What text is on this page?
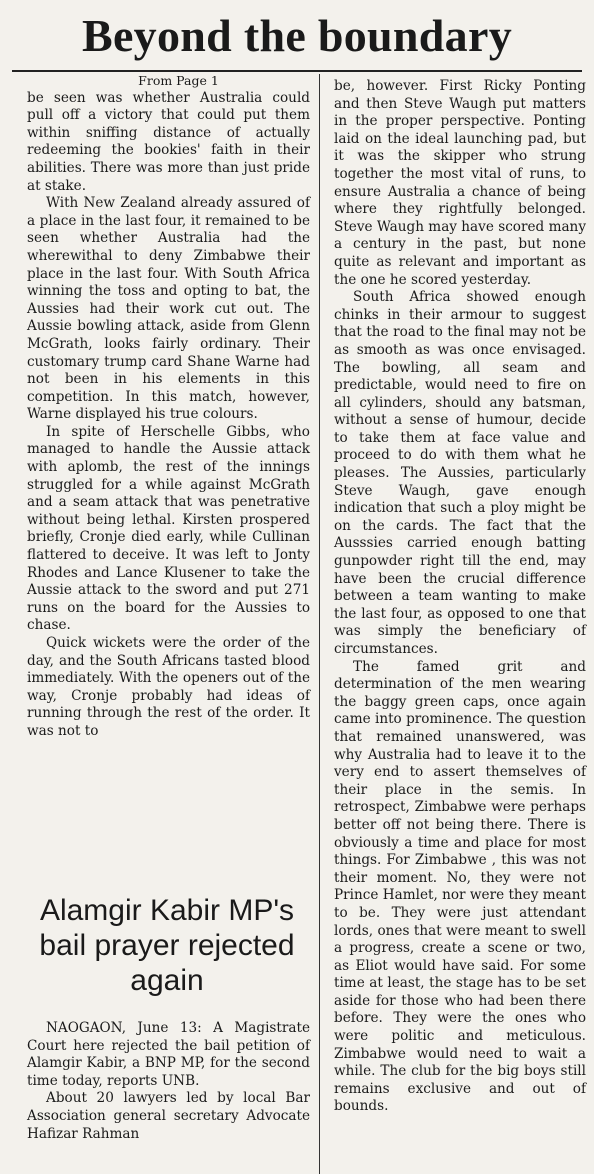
Beyond the boundary

From Page 1

be seen was whether Australia could pull off a victory that could put them within sniffing distance of actually redeeming the bookies' faith in their abilities. There was more than just pride at stake.

With New Zealand already assured of a place in the last four, it remained to be seen whether Australia had the wherewithal to deny Zimbabwe their place in the last four. With South Africa winning the toss and opting to bat, the Aussies had their work cut out. The Aussie bowling attack, aside from Glenn McGrath, looks fairly ordinary. Their customary trump card Shane Warne had not been in his elements in this competition. In this match, however, Warne displayed his true colours.

In spite of Herschelle Gibbs, who managed to handle the Aussie attack with aplomb, the rest of the innings struggled for a while against McGrath and a seam attack that was penetrative without being lethal. Kirsten prospered briefly, Cronje died early, while Cullinan flattered to deceive. It was left to Jonty Rhodes and Lance Klusener to take the Aussie attack to the sword and put 271 runs on the board for the Aussies to chase.

Quick wickets were the order of the day, and the South Africans tasted blood immediately. With the openers out of the way, Cronje probably had ideas of running through the rest of the order. It was not to

be, however. First Ricky Ponting and then Steve Waugh put matters in the proper perspective. Ponting laid on the ideal launching pad, but it was the skipper who strung together the most vital of runs, to ensure Australia a chance of being where they rightfully belonged. Steve Waugh may have scored many a century in the past, but none quite as relevant and important as the one he scored yesterday.

South Africa showed enough chinks in their armour to suggest that the road to the final may not be as smooth as was once envisaged. The bowling, all seam and predictable, would need to fire on all cylinders, should any batsman, without a sense of humour, decide to take them at face value and proceed to do with them what he pleases. The Aussies, particularly Steve Waugh, gave enough indication that such a ploy might be on the cards. The fact that the Ausssies carried enough batting gunpowder right till the end, may have been the crucial difference between a team wanting to make the last four, as opposed to one that was simply the beneficiary of circumstances.

The famed grit and determination of the men wearing the baggy green caps, once again came into prominence. The question that remained unanswered, was why Australia had to leave it to the very end to assert themselves of their place in the semis. In retrospect, Zimbabwe were perhaps better off not being there. There is obviously a time and place for most things. For Zimbabwe , this was not their moment. No, they were not Prince Hamlet, nor were they meant to be. They were just attendant lords, ones that were meant to swell a progress, create a scene or two, as Eliot would have said. For some time at least, the stage has to be set aside for those who had been there before. They were the ones who were politic and meticulous. Zimbabwe would need to wait a while. The club for the big boys still remains exclusive and out of bounds.

Alamgir Kabir MP's bail prayer rejected again

NAOGAON, June 13: A Magistrate Court here rejected the bail petition of Alamgir Kabir, a BNP MP, for the second time today, reports UNB.

About 20 lawyers led by local Bar Association general secretary Advocate Hafizar Rahman
